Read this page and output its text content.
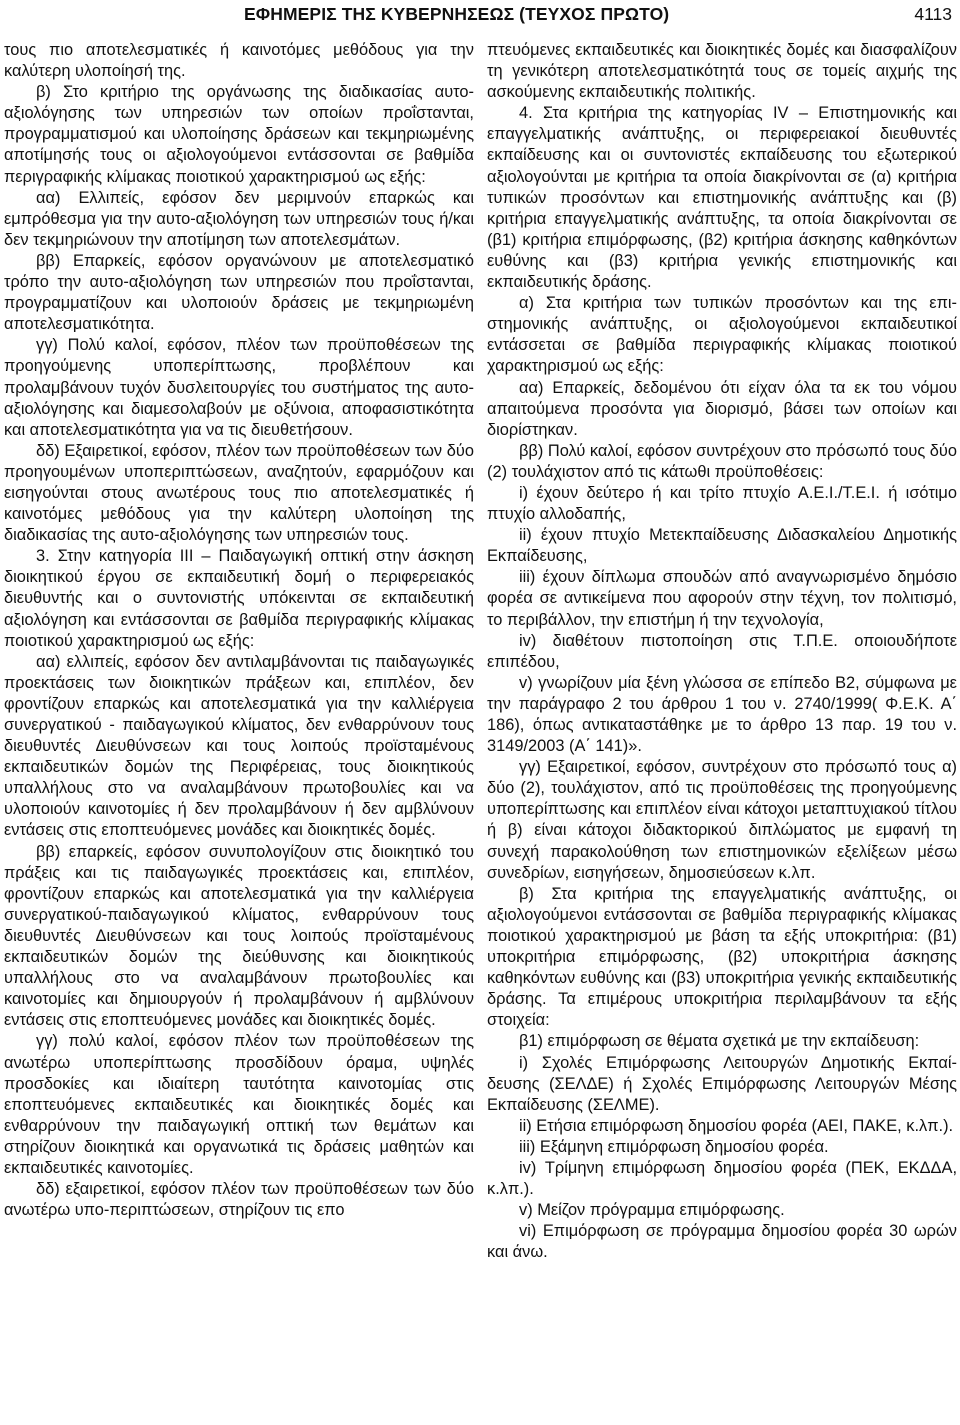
ΕΦΗΜΕΡΙΣ ΤΗΣ ΚΥΒΕΡΝΗΣΕΩΣ (ΤΕΥΧΟΣ ΠΡΩΤΟ)	4113

τους πιο αποτελεσματικές ή καινοτόμες μεθόδους για την καλύτερη υλοποίησή της.

β) Στο κριτήριο της οργάνωσης της διαδικασίας αυτοαξιολόγησης των υπηρεσιών των οποίων προΐστανται, προγραμματισμού και υλοποίησης δράσεων και τεκμηριωμένης αποτίμησής τους οι αξιολογούμενοι εντάσσονται σε βαθμίδα περιγραφικής κλίμακας ποιοτικού χαρακτηρισμού ως εξής:

αα) Ελλιπείς, εφόσον δεν μεριμνούν επαρκώς και εμπρόθεσμα για την αυτο-αξιολόγηση των υπηρεσιών τους ή/και δεν τεκμηριώνουν την αποτίμηση των αποτελεσμάτων.

ββ) Επαρκείς, εφόσον οργανώνουν με αποτελεσματικό τρόπο την αυτο-αξιολόγηση των υπηρεσιών που προΐστανται, προγραμματίζουν και υλοποιούν δράσεις με τεκμηριωμένη αποτελεσματικότητα.

γγ) Πολύ καλοί, εφόσον, πλέον των προϋποθέσεων της προηγούμενης υποπερίπτωσης, προβλέπουν και προλαμβάνουν τυχόν δυσλειτουργίες του συστήματος της αυτο-αξιολόγησης και διαμεσολαβούν με οξύνοια, αποφασιστικότητα και αποτελεσματικότητα για να τις διευθετήσουν.

δδ) Εξαιρετικοί, εφόσον, πλέον των προϋποθέσεων των δύο προηγουμένων υποπεριπτώσεων, αναζητούν, εφαρμόζουν και εισηγούνται στους ανωτέρους τους πιο αποτελεσματικές ή καινοτόμες μεθόδους για την καλύτερη υλοποίηση της διαδικασίας της αυτο-αξιολόγησης των υπηρεσιών τους.

3. Στην κατηγορία ΙΙΙ – Παιδαγωγική οπτική στην άσκηση διοικητικού έργου σε εκπαιδευτική δομή ο περιφερειακός διευθυντής και ο συντονιστής υπόκεινται σε εκπαιδευτική αξιολόγηση και εντάσσονται σε βαθμίδα περιγραφικής κλίμακας ποιοτικού χαρακτηρισμού ως εξής:

αα) ελλιπείς, εφόσον δεν αντιλαμβάνονται τις παιδαγωγικές προεκτάσεις των διοικητικών πράξεων και, επιπλέον, δεν φροντίζουν επαρκώς και αποτελεσματικά για την καλλιέργεια συνεργατικού - παιδαγωγικού κλίματος, δεν ενθαρρύνουν τους διευθυντές Διευθύνσεων και τους λοιπούς προϊσταμένους εκπαιδευτικών δομών της Περιφέρειας, τους διοικητικούς υπαλλήλους στο να αναλαμβάνουν πρωτοβουλίες και να υλοποιούν καινοτομίες ή δεν προλαμβάνουν ή δεν αμβλύνουν εντάσεις στις εποπτευόμενες μονάδες και διοικητικές δομές.

ββ) επαρκείς, εφόσον συνυπολογίζουν στις διοικητικό του πράξεις και τις παιδαγωγικές προεκτάσεις και, επιπλέον, φροντίζουν επαρκώς και αποτελεσματικά για την καλλιέργεια συνεργατικού-παιδαγωγικού κλίματος, ενθαρρύνουν τους διευθυντές Διευθύνσεων και τους λοιπούς προϊσταμένους εκπαιδευτικών δομών της διεύθυνσης και διοικητικούς υπαλλήλους στο να αναλαμβάνουν πρωτοβουλίες και καινοτομίες και δημιουργούν ή προλαμβάνουν ή αμβλύνουν εντάσεις στις εποπτευόμενες μονάδες και διοικητικές δομές.

γγ) πολύ καλοί, εφόσον πλέον των προϋποθέσεων της ανωτέρω υποπερίπτωσης προσδίδουν όραμα, υψηλές προσδοκίες και ιδιαίτερη ταυτότητα καινοτομίας στις εποπτευόμενες εκπαιδευτικές και διοικητικές δομές και ενθαρρύνουν την παιδαγωγική οπτική των θεμάτων και στηρίζουν διοικητικά και οργανωτικά τις δράσεις μαθητών και εκπαιδευτικές καινοτομίες.

δδ) εξαιρετικοί, εφόσον πλέον των προϋποθέσεων των δύο ανωτέρω υπο-περιπτώσεων, στηρίζουν τις επο

πτευόμενες εκπαιδευτικές και διοικητικές δομές και διασφαλίζουν τη γενικότερη αποτελεσματικότητά τους σε τομείς αιχμής της ασκούμενης εκπαιδευτικής πολιτικής.

4. Στα κριτήρια της κατηγορίας IV – Επιστημονικής και επαγγελματικής ανάπτυξης, οι περιφερειακοί διευθυντές εκπαίδευσης και οι συντονιστές εκπαίδευσης του εξωτερικού αξιολογούνται με κριτήρια τα οποία διακρίνονται σε (α) κριτήρια τυπικών προσόντων και επιστημονικής ανάπτυξης και (β) κριτήρια επαγγελματικής ανάπτυξης, τα οποία διακρίνονται σε (β1) κριτήρια επιμόρφωσης, (β2) κριτήρια άσκησης καθηκόντων ευθύνης και (β3) κριτήρια γενικής επιστημονικής και εκπαιδευτικής δράσης.

α) Στα κριτήρια των τυπικών προσόντων και της επιστημονικής ανάπτυξης, οι αξιολογούμενοι εκπαιδευτικοί εντάσσεται σε βαθμίδα περιγραφικής κλίμακας ποιοτικού χαρακτηρισμού ως εξής:

αα) Επαρκείς, δεδομένου ότι είχαν όλα τα εκ του νόμου απαιτούμενα προσόντα για διορισμό, βάσει των οποίων και διορίστηκαν.

ββ) Πολύ καλοί, εφόσον συντρέχουν στο πρόσωπό τους δύο (2) τουλάχιστον από τις κάτωθι προϋποθέσεις:

i) έχουν δεύτερο ή και τρίτο πτυχίο Α.Ε.Ι./Τ.Ε.Ι. ή ισότιμο πτυχίο αλλοδαπής,

ii) έχουν πτυχίο Μετεκπαίδευσης Διδασκαλείου Δημοτικής Εκπαίδευσης,

iii) έχουν δίπλωμα σπουδών από αναγνωρισμένο δημόσιο φορέα σε αντικείμενα που αφορούν στην τέχνη, τον πολιτισμό, το περιβάλλον, την επιστήμη ή την τεχνολογία,

iv) διαθέτουν πιστοποίηση στις Τ.Π.Ε. οποιουδήποτε επιπέδου,

v) γνωρίζουν μία ξένη γλώσσα σε επίπεδο Β2, σύμφωνα με την παράγραφο 2 του άρθρου 1 του ν. 2740/1999( Φ.Ε.Κ. Α΄ 186), όπως αντικαταστάθηκε με το άρθρο 13 παρ. 19 του ν. 3149/2003 (Α΄ 141)».

γγ) Εξαιρετικοί, εφόσον, συντρέχουν στο πρόσωπό τους α) δύο (2), τουλάχιστον, από τις προϋποθέσεις της προηγούμενης υποπερίπτωσης και επιπλέον είναι κάτοχοι μεταπτυχιακού τίτλου ή β) είναι κάτοχοι διδακτορικού διπλώματος με εμφανή τη συνεχή παρακολούθηση των επιστημονικών εξελίξεων μέσω συνεδρίων, εισηγήσεων, δημοσιεύσεων κ.λπ.

β) Στα κριτήρια της επαγγελματικής ανάπτυξης, οι αξιολογούμενοι εντάσσονται σε βαθμίδα περιγραφικής κλίμακας ποιοτικού χαρακτηρισμού με βάση τα εξής υποκριτήρια: (β1) υποκριτήρια επιμόρφωσης, (β2) υποκριτήρια άσκησης καθηκόντων ευθύνης και (β3) υποκριτήρια γενικής εκπαιδευτικής δράσης. Τα επιμέρους υποκριτήρια περιλαμβάνουν τα εξής στοιχεία:

β1) επιμόρφωση σε θέματα σχετικά με την εκπαίδευση:

i) Σχολές Επιμόρφωσης Λειτουργών Δημοτικής Εκπαίδευσης (ΣΕΛΔΕ) ή Σχολές Επιμόρφωσης Λειτουργών Μέσης Εκπαίδευσης (ΣΕΛΜΕ).

ii) Ετήσια επιμόρφωση δημοσίου φορέα (ΑΕΙ, ΠΑΚΕ, κ.λπ.).

iii) Εξάμηνη επιμόρφωση δημοσίου φορέα.

iv) Τρίμηνη επιμόρφωση δημοσίου φορέα (ΠΕΚ, ΕΚΔΔΑ, κ.λπ.).

v) Μείζον πρόγραμμα επιμόρφωσης.

vi) Επιμόρφωση σε πρόγραμμα δημοσίου φορέα 30 ωρών και άνω.
